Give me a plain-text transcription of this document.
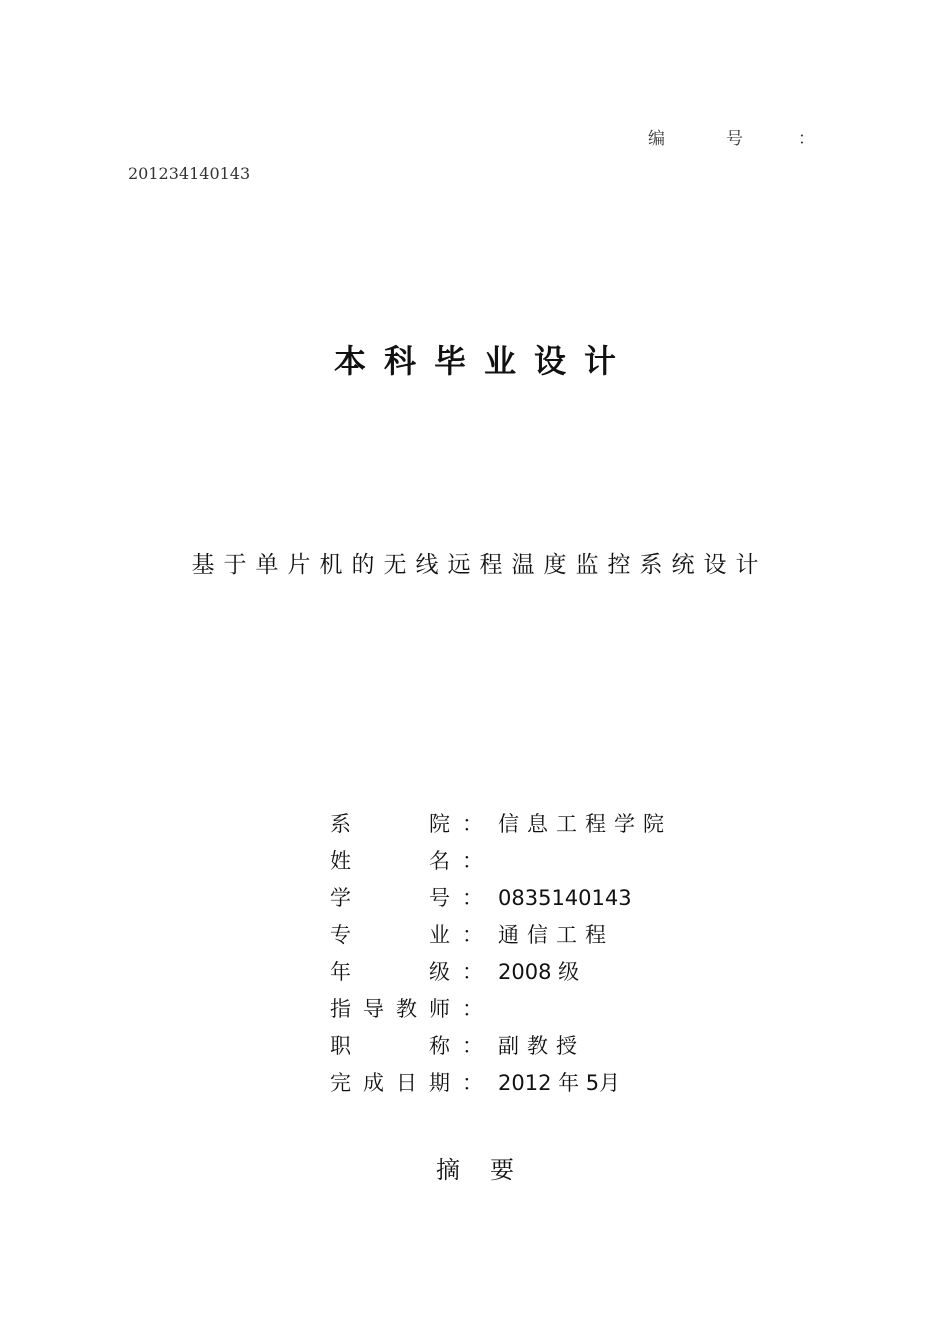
编	号	：
201234140143
本科毕业设计
基于单片机的无线远程温度监控系统设计
系	院 ： 信息工程学院
姓	名 ：
学	号 ： 0835140143
专	业 ： 通信工程
年	级 ： 2008 级
指 导 教 师 ：
职	称 ： 副教授
完 成 日 期 ： 2012 年 5月
摘要
